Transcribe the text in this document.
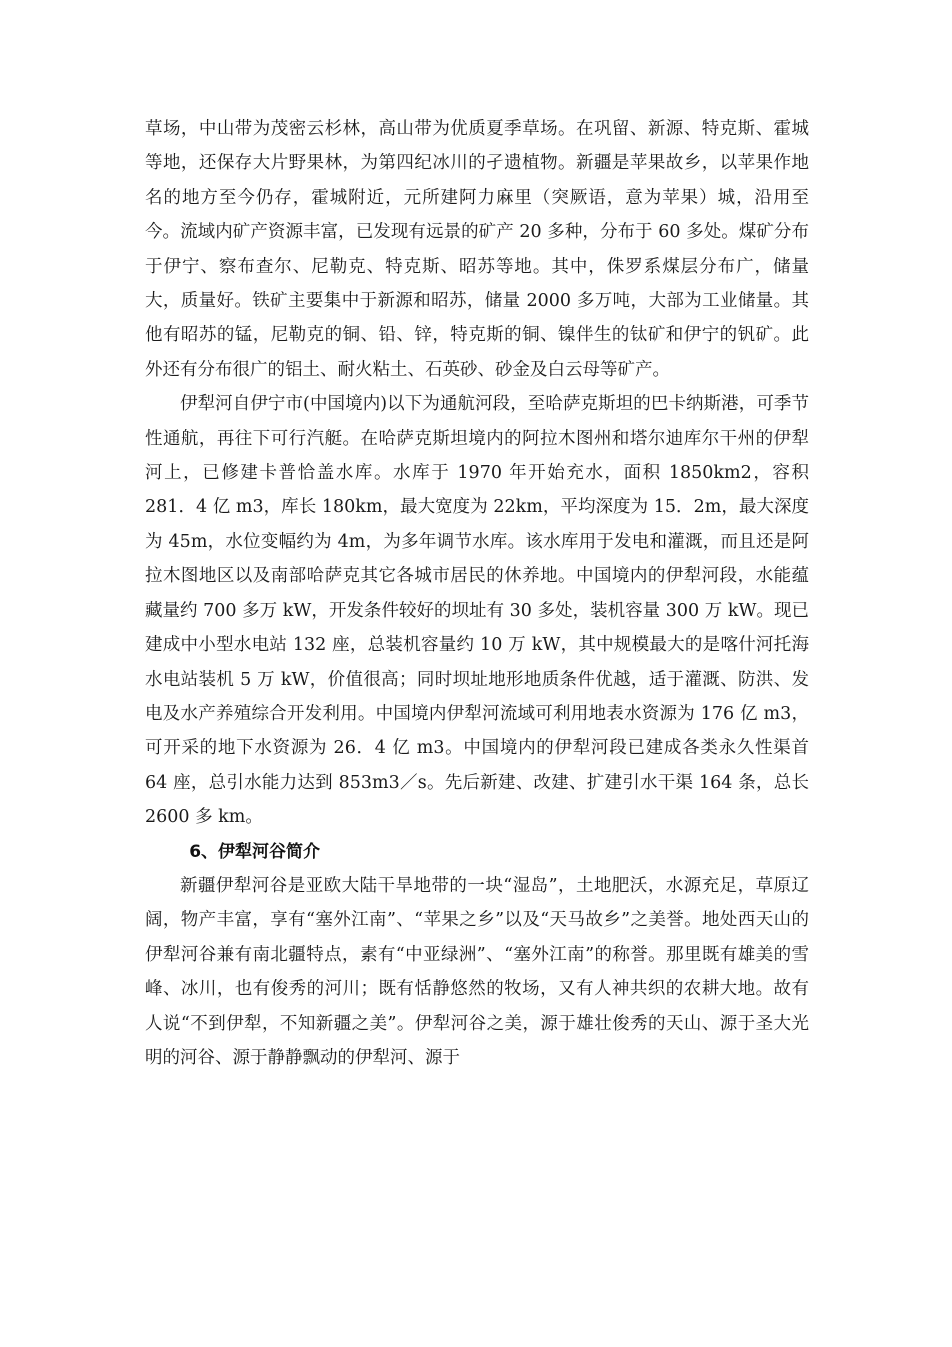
草场，中山带为茂密云杉林，高山带为优质夏季草场。在巩留、新源、特克斯、霍城等地，还保存大片野果林，为第四纪冰川的孑遗植物。新疆是苹果故乡，以苹果作地名的地方至今仍存，霍城附近，元所建阿力麻里（突厥语，意为苹果）城，沿用至今。流域内矿产资源丰富，已发现有远景的矿产 20 多种，分布于 60 多处。煤矿分布于伊宁、察布查尔、尼勒克、特克斯、昭苏等地。其中，侏罗系煤层分布广，储量大，质量好。铁矿主要集中于新源和昭苏，储量 2000 多万吨，大部为工业储量。其他有昭苏的锰，尼勒克的铜、铅、锌，特克斯的铜、镍伴生的钛矿和伊宁的钒矿。此外还有分布很广的铝土、耐火粘土、石英砂、砂金及白云母等矿产。

伊犁河自伊宁市(中国境内)以下为通航河段，至哈萨克斯坦的巴卡纳斯港，可季节性通航，再往下可行汽艇。在哈萨克斯坦境内的阿拉木图州和塔尔迪库尔干州的伊犁河上，已修建卡普恰盖水库。水库于 1970 年开始充水，面积 1850km2，容积 281．4 亿 m3，库长 180km，最大宽度为 22km，平均深度为 15．2m，最大深度为 45m，水位变幅约为 4m，为多年调节水库。该水库用于发电和灌溉，而且还是阿拉木图地区以及南部哈萨克其它各城市居民的休养地。中国境内的伊犁河段，水能蕴藏量约 700 多万 kW，开发条件较好的坝址有 30 多处，装机容量 300 万 kW。现已建成中小型水电站 132 座，总装机容量约 10 万 kW，其中规模最大的是喀什河托海水电站装机 5 万 kW，价值很高；同时坝址地形地质条件优越，适于灌溉、防洪、发电及水产养殖综合开发利用。中国境内伊犁河流域可利用地表水资源为 176 亿 m3，可开采的地下水资源为 26．4 亿 m3。中国境内的伊犁河段已建成各类永久性渠首 64 座，总引水能力达到 853m3／s。先后新建、改建、扩建引水干渠 164 条，总长 2600 多 km。

6、伊犁河谷简介

新疆伊犁河谷是亚欧大陆干旱地带的一块“湿岛”，土地肥沃，水源充足，草原辽阔，物产丰富，享有“塞外江南”、“苹果之乡”以及“天马故乡”之美誉。地处西天山的伊犁河谷兼有南北疆特点，素有“中亚绿洲”、“塞外江南”的称誉。那里既有雄美的雪峰、冰川，也有俊秀的河川；既有恬静悠然的牧场，又有人神共织的农耕大地。故有人说“不到伊犁，不知新疆之美”。伊犁河谷之美，源于雄壮俊秀的天山、源于圣大光明的河谷、源于静静飘动的伊犁河、源于
